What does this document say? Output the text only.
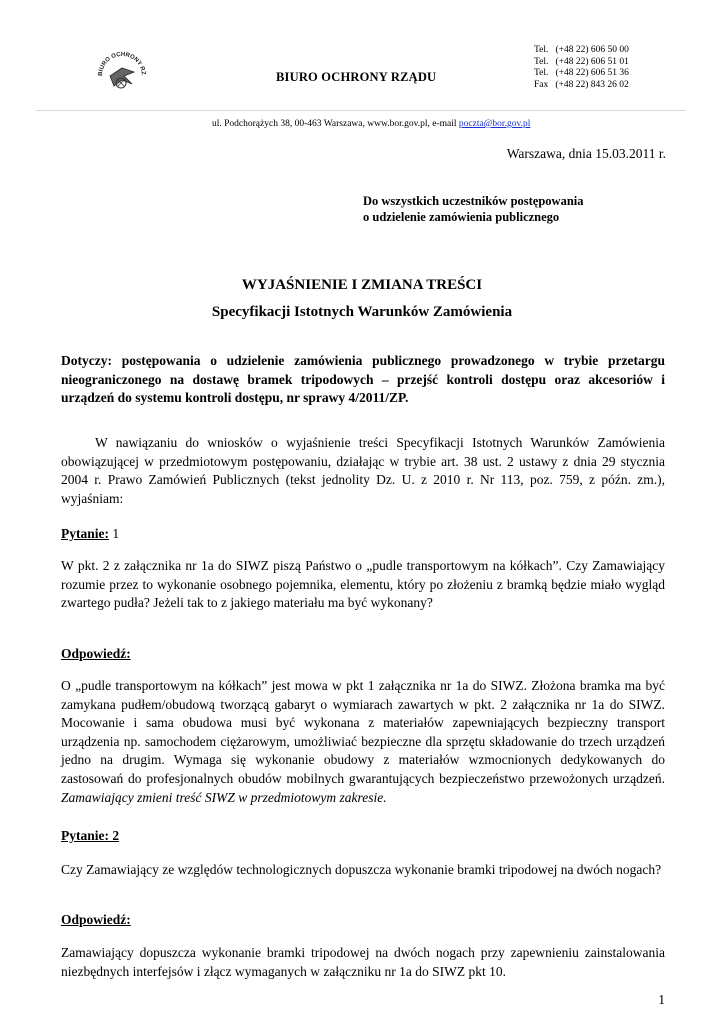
BIURO OCHRONY RZ	BIURO OCHRONY RZĄDU
Tel.   (+48 22) 606 50 00
Tel.   (+48 22) 606 51 01
Tel.   (+48 22) 606 51 36
Fax   (+48 22) 843 26 02
ul. Podchorążych 38, 00-463 Warszawa, www.bor.gov.pl, e-mail poczta@bor.gov.pl
Warszawa, dnia 15.03.2011 r.
Do wszystkich uczestników postępowania
o udzielenie zamówienia publicznego
WYJAŚNIENIE I ZMIANA TREŚCI
Specyfikacji Istotnych Warunków Zamówienia
Dotyczy: postępowania o udzielenie zamówienia publicznego prowadzonego w trybie przetargu nieograniczonego na dostawę bramek tripodowych – przejść kontroli dostępu oraz akcesoriów i urządzeń do systemu kontroli dostępu, nr sprawy 4/2011/ZP.
W nawiązaniu do wniosków o wyjaśnienie treści Specyfikacji Istotnych Warunków Zamówienia obowiązującej w przedmiotowym postępowaniu, działając w trybie art. 38 ust. 2 ustawy z dnia 29 stycznia 2004 r. Prawo Zamówień Publicznych (tekst jednolity Dz. U. z 2010 r. Nr 113, poz. 759, z późn. zm.), wyjaśniam:
Pytanie: 1
W pkt. 2 z załącznika nr 1a do SIWZ piszą Państwo o „pudle transportowym na kółkach”. Czy Zamawiający rozumie przez to wykonanie osobnego pojemnika, elementu, który po złożeniu z bramką będzie miało wygląd zwartego pudła? Jeżeli tak to z jakiego materiału ma być wykonany?
Odpowiedź:
O „pudle transportowym na kółkach” jest mowa w pkt 1 załącznika nr 1a do SIWZ. Złożona bramka ma być zamykana pudłem/obudową tworzącą gabaryt o wymiarach zawartych w pkt. 2 załącznika nr 1a do SIWZ. Mocowanie i sama obudowa musi być wykonana z materiałów zapewniających bezpieczny transport urządzenia np. samochodem ciężarowym, umożliwiać bezpieczne dla sprzętu składowanie do trzech urządzeń jedno na drugim. Wymaga się wykonanie obudowy z materiałów wzmocnionych dedykowanych do zastosowań do profesjonalnych obudów mobilnych gwarantujących bezpieczeństwo przewożonych urządzeń. Zamawiający zmieni treść SIWZ w przedmiotowym zakresie.
Pytanie: 2
Czy Zamawiający ze względów technologicznych dopuszcza wykonanie bramki tripodowej na dwóch nogach?
Odpowiedź:
Zamawiający dopuszcza wykonanie bramki tripodowej na dwóch nogach przy zapewnieniu zainstalowania niezbędnych interfejsów i złącz wymaganych w załączniku nr 1a do SIWZ pkt 10.
1
